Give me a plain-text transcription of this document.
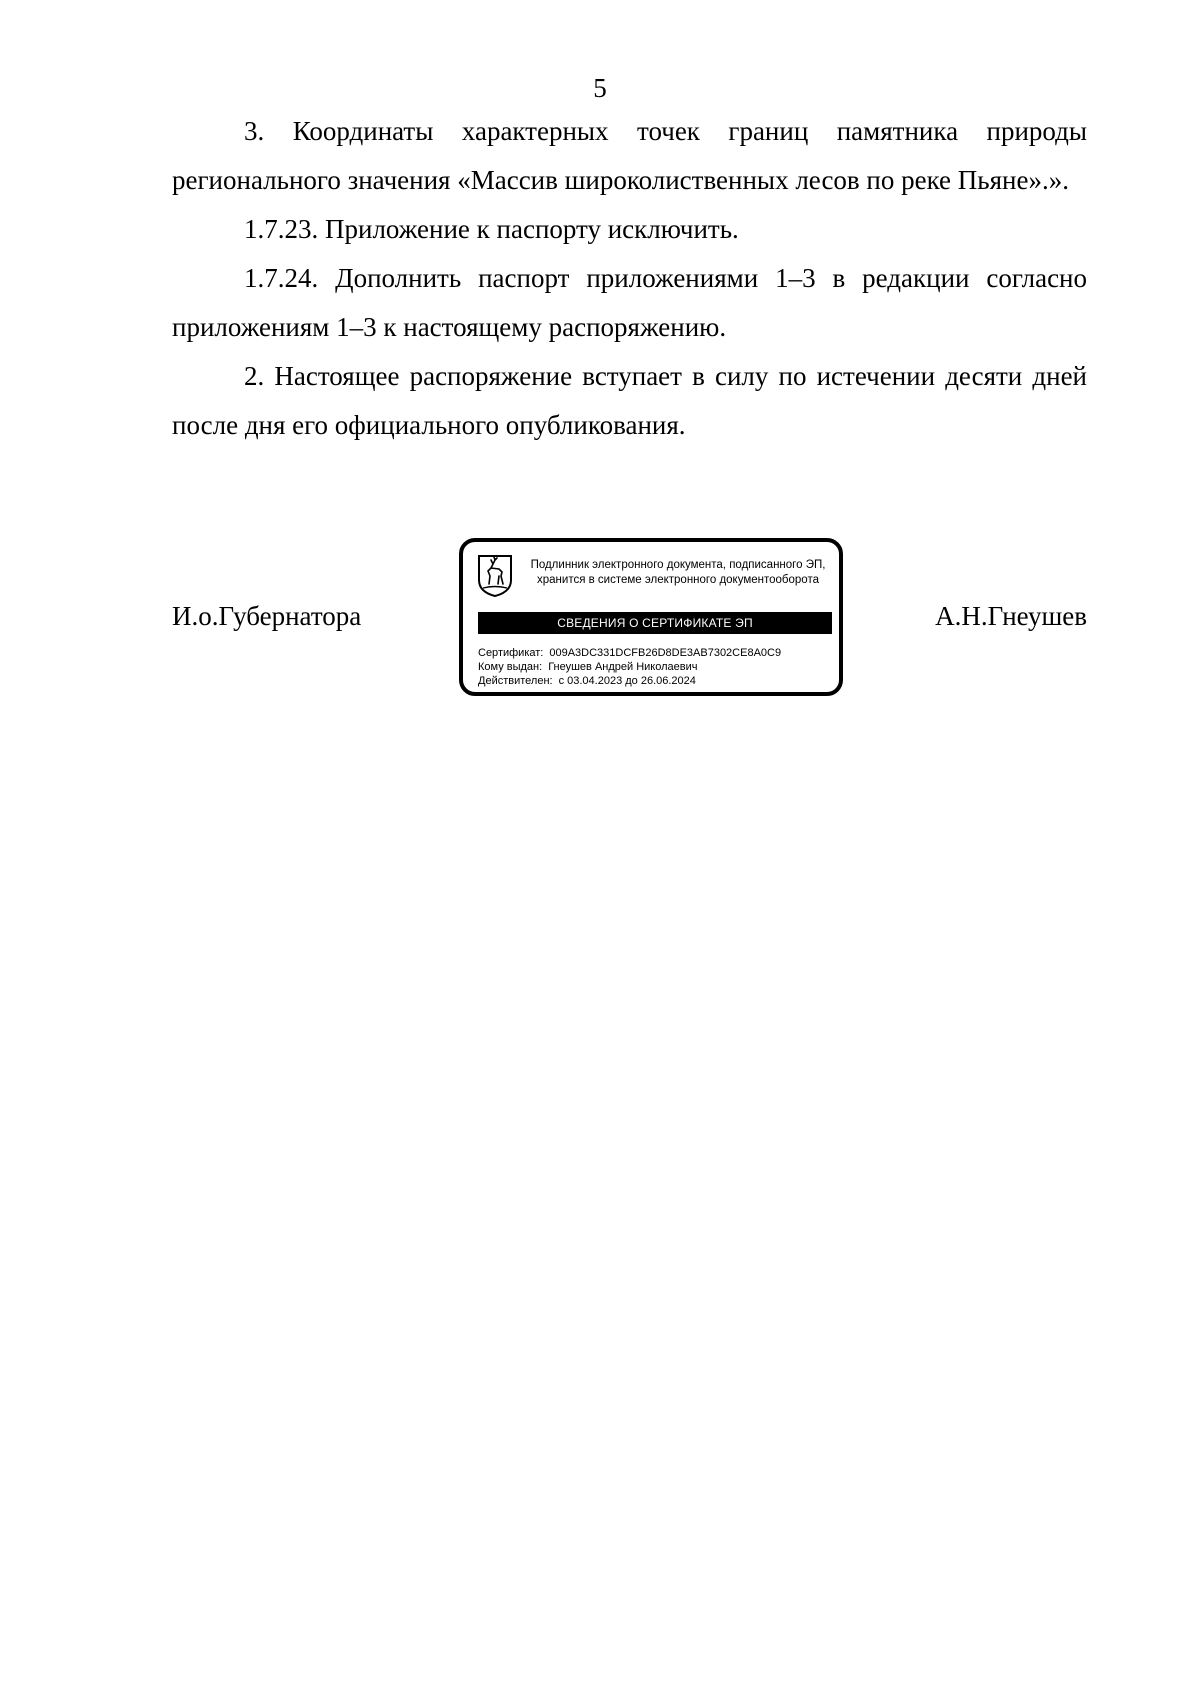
5

3. Координаты характерных точек границ памятника природы регионального значения «Массив широколиственных лесов по реке Пьяне».».

1.7.23. Приложение к паспорту исключить.

1.7.24. Дополнить паспорт приложениями 1–3 в редакции согласно приложениям 1–3 к настоящему распоряжению.

2. Настоящее распоряжение вступает в силу по истечении десяти дней после дня его официального опубликования.

И.о.Губернатора
Подлинник электронного документа, подписанного ЭП,
хранится в системе электронного документооборота
СВЕДЕНИЯ О СЕРТИФИКАТЕ ЭП
Сертификат: 009A3DC331DCFB26D8DE3AB7302CE8A0C9
Кому выдан: Гнеушев Андрей Николаевич
Действителен: с 03.04.2023 до 26.06.2024
А.Н.Гнеушев
